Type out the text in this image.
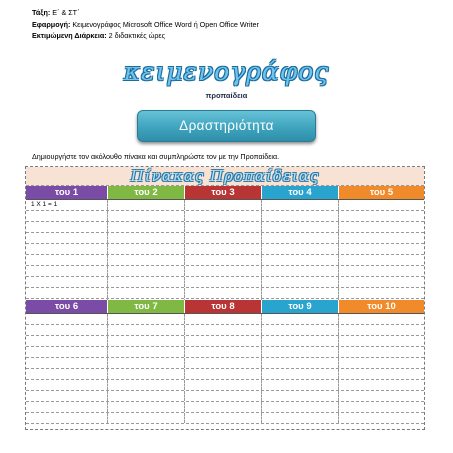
Τάξη: Ε΄ & ΣΤ΄
Εφαρμογή: Κειμενογράφος Microsoft Office Word ή Open Office Writer
Εκτιμώμενη Διάρκεια: 2 διδακτικές ώρες
κειμενογράφος
προπαίδεια
Δραστηριότητα
Δημιουργήστε τον ακόλουθο πίνακα και συμπληρώστε τον με την Προπαίδεια.
Πίνακας Προπαίδειας
του 1	του 2	του 3	του 4	του 5
1 Χ 1 = 1
του 6	του 7	του 8	του 9	του 10
